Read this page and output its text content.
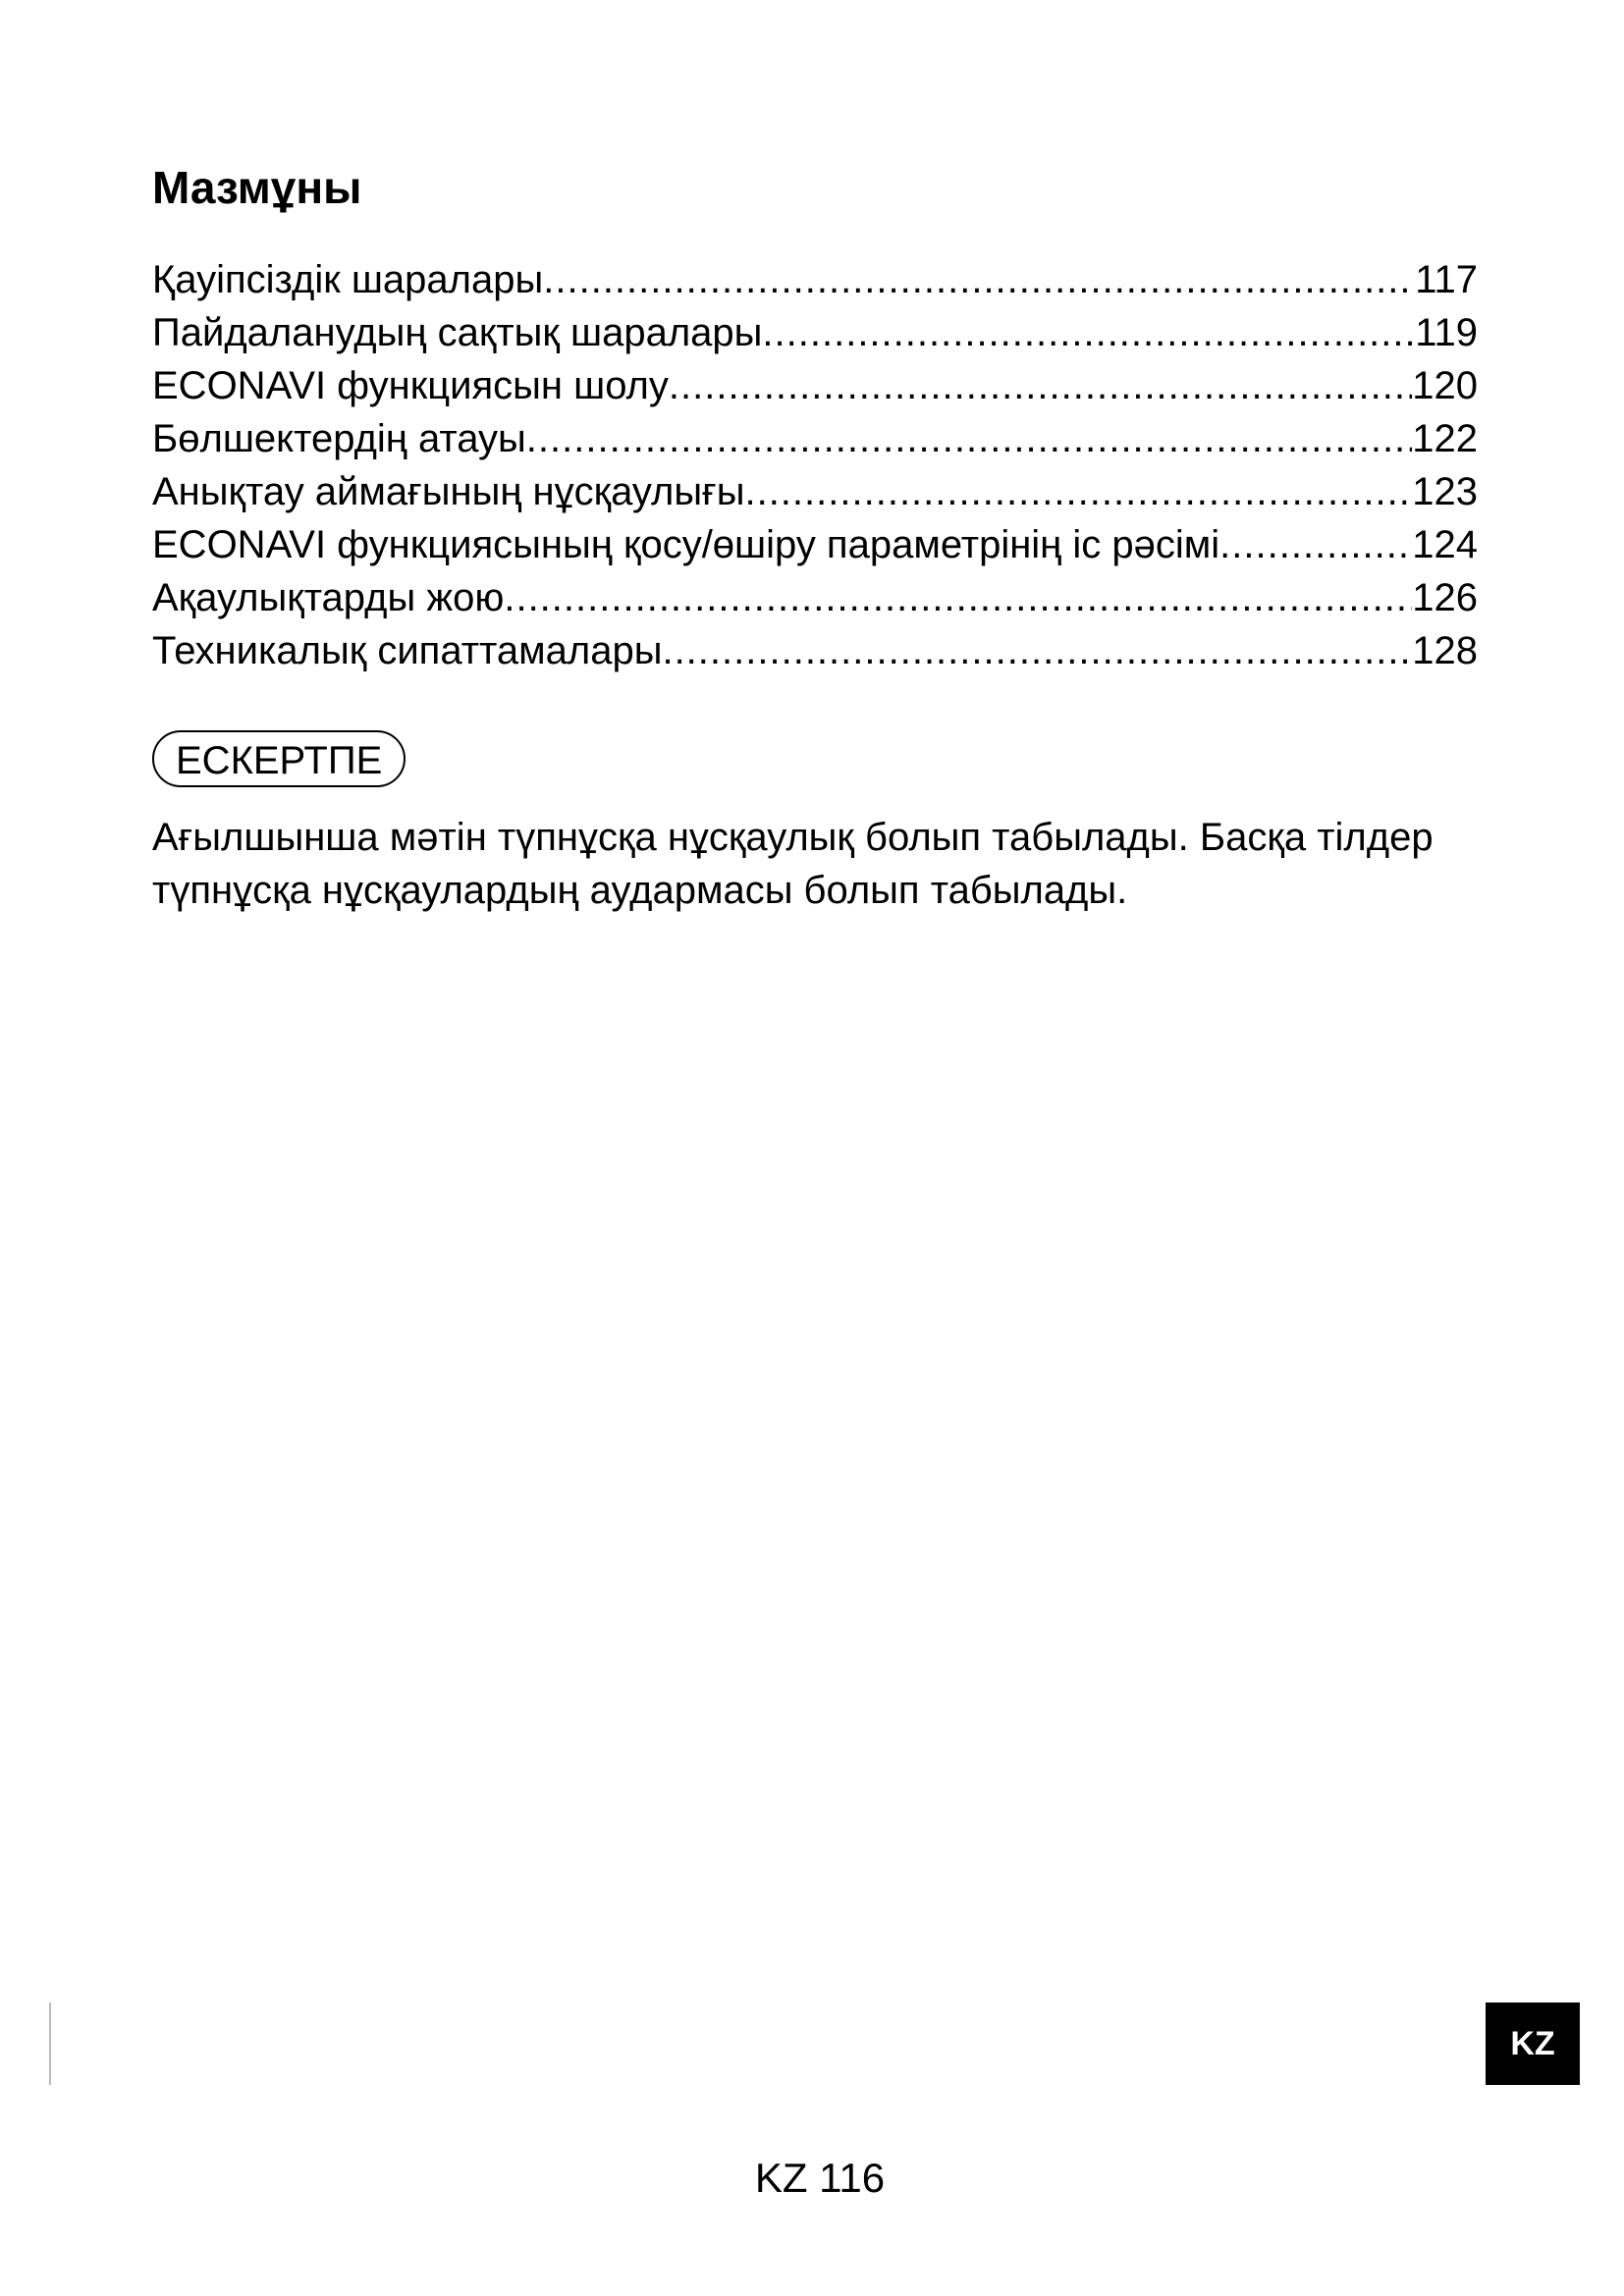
Мазмұны
Қауіпсіздік шаралары .....	117
Пайдаланудың сақтық шаралары .....	119
ECONAVI функциясын шолу .....	120
Бөлшектердің атауы .....	122
Анықтау аймағының нұсқаулығы .....	123
ECONAVI функциясының қосу/өшіру параметрінің іс рәсімі .....	124
Ақаулықтарды жою .....	126
Техникалық сипаттамалары .....	128
ЕСКЕРТПЕ

Ағылшынша мәтін түпнұсқа нұсқаулық болып табылады. Басқа тілдер түпнұсқа нұсқаулардың аудармасы болып табылады.

KZ
KZ 116
